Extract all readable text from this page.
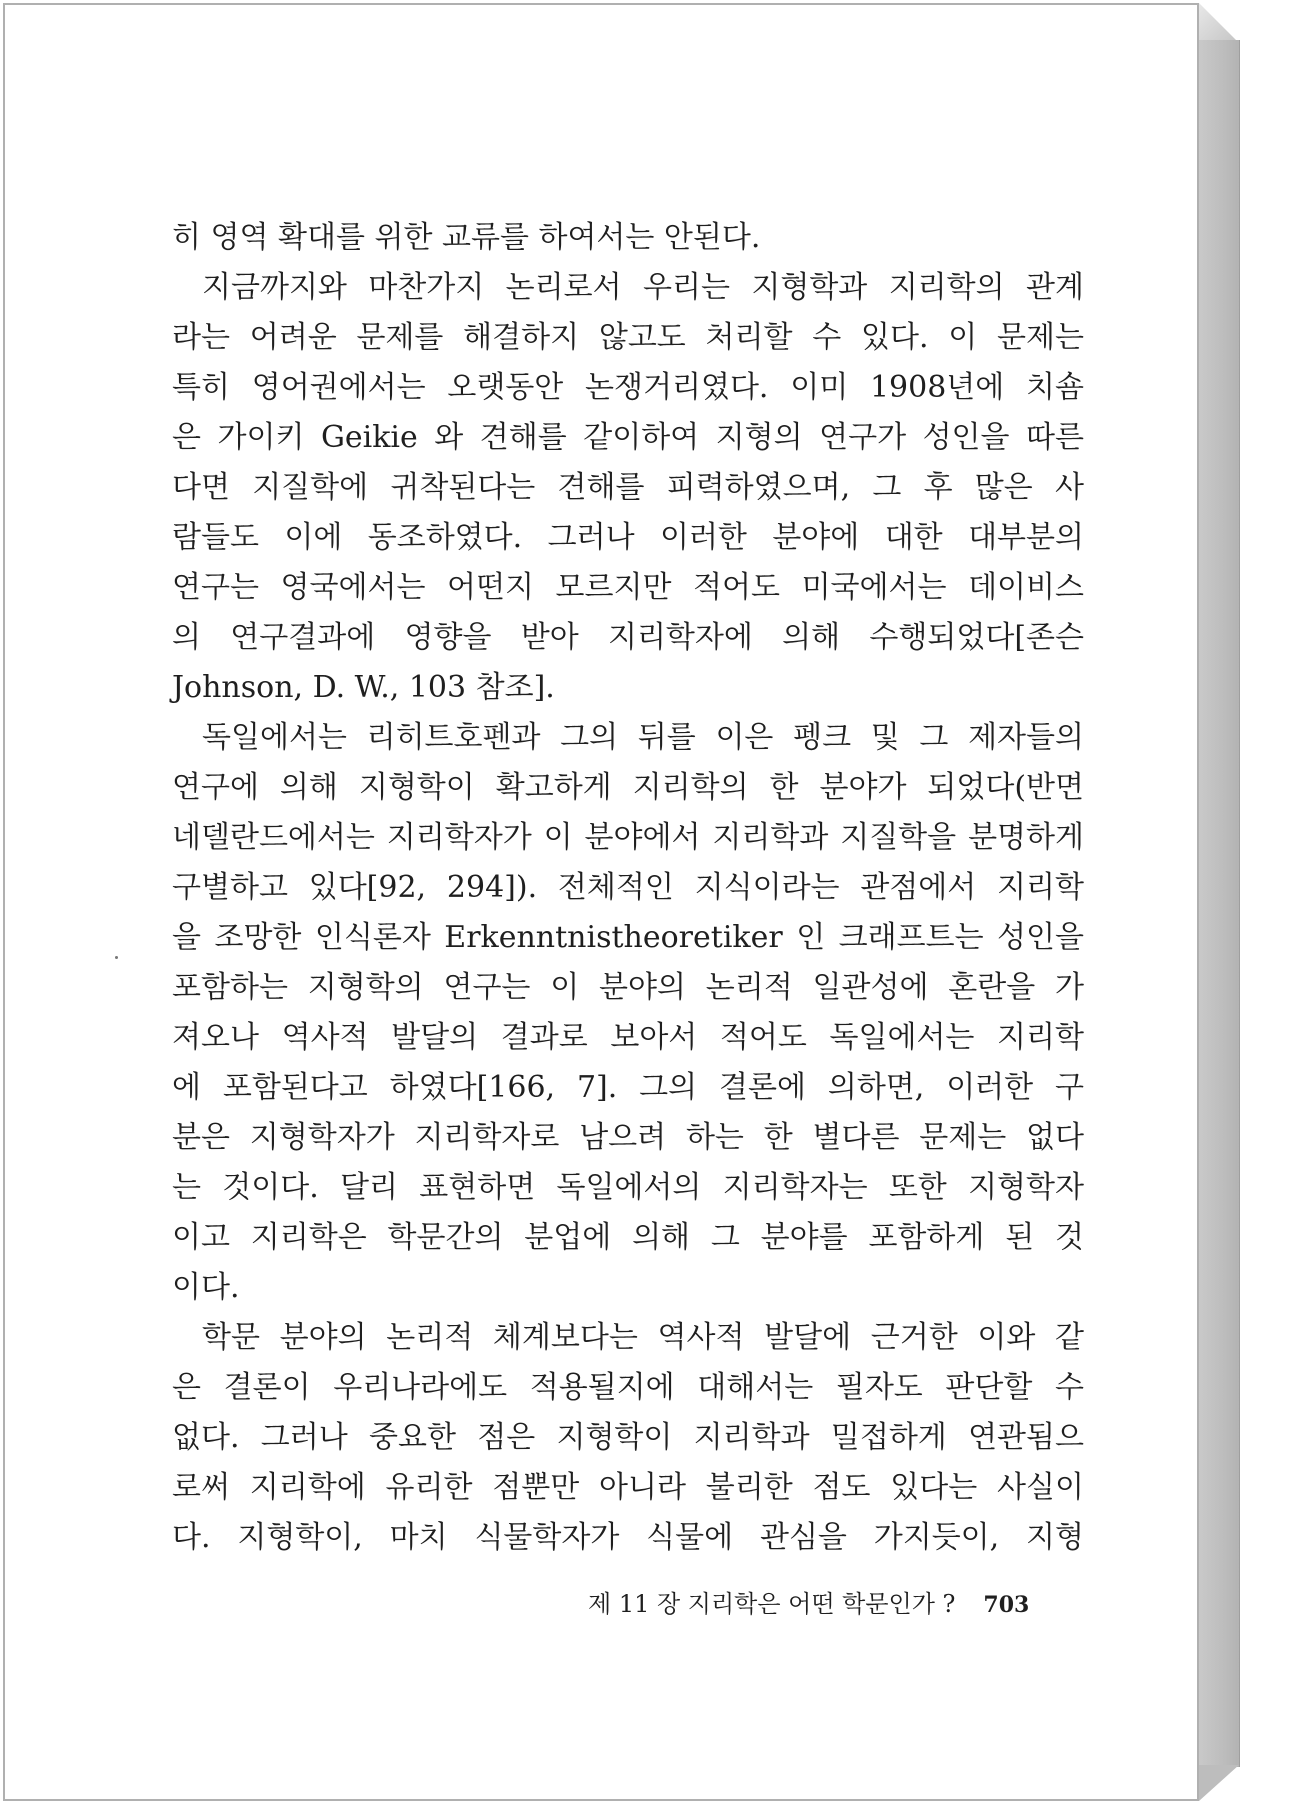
히 영역 확대를 위한 교류를 하여서는 안된다.
지금까지와 마찬가지 논리로서 우리는 지형학과 지리학의 관계
라는 어려운 문제를 해결하지 않고도 처리할 수 있다. 이 문제는
특히 영어권에서는 오랫동안 논쟁거리였다. 이미 1908년에 치숌
은 가이키 Geikie 와 견해를 같이하여 지형의 연구가 성인을 따른
다면 지질학에 귀착된다는 견해를 피력하였으며, 그 후 많은 사
람들도 이에 동조하였다. 그러나 이러한 분야에 대한 대부분의
연구는 영국에서는 어떤지 모르지만 적어도 미국에서는 데이비스
의 연구결과에 영향을 받아 지리학자에 의해 수행되었다[존슨
Johnson, D. W., 103 참조].
독일에서는 리히트호펜과 그의 뒤를 이은 펭크 및 그 제자들의
연구에 의해 지형학이 확고하게 지리학의 한 분야가 되었다(반면
네델란드에서는 지리학자가 이 분야에서 지리학과 지질학을 분명하게
구별하고 있다[92, 294]). 전체적인 지식이라는 관점에서 지리학
을 조망한 인식론자 Erkenntnistheoretiker 인 크래프트는 성인을
포함하는 지형학의 연구는 이 분야의 논리적 일관성에 혼란을 가
져오나 역사적 발달의 결과로 보아서 적어도 독일에서는 지리학
에 포함된다고 하였다[166, 7]. 그의 결론에 의하면, 이러한 구
분은 지형학자가 지리학자로 남으려 하는 한 별다른 문제는 없다
는 것이다. 달리 표현하면 독일에서의 지리학자는 또한 지형학자
이고 지리학은 학문간의 분업에 의해 그 분야를 포함하게 된 것
이다.
학문 분야의 논리적 체계보다는 역사적 발달에 근거한 이와 같
은 결론이 우리나라에도 적용될지에 대해서는 필자도 판단할 수
없다. 그러나 중요한 점은 지형학이 지리학과 밀접하게 연관됨으
로써 지리학에 유리한 점뿐만 아니라 불리한 점도 있다는 사실이
다. 지형학이, 마치 식물학자가 식물에 관심을 가지듯이, 지형
제 11 장 지리학은 어떤 학문인가 ? 703
